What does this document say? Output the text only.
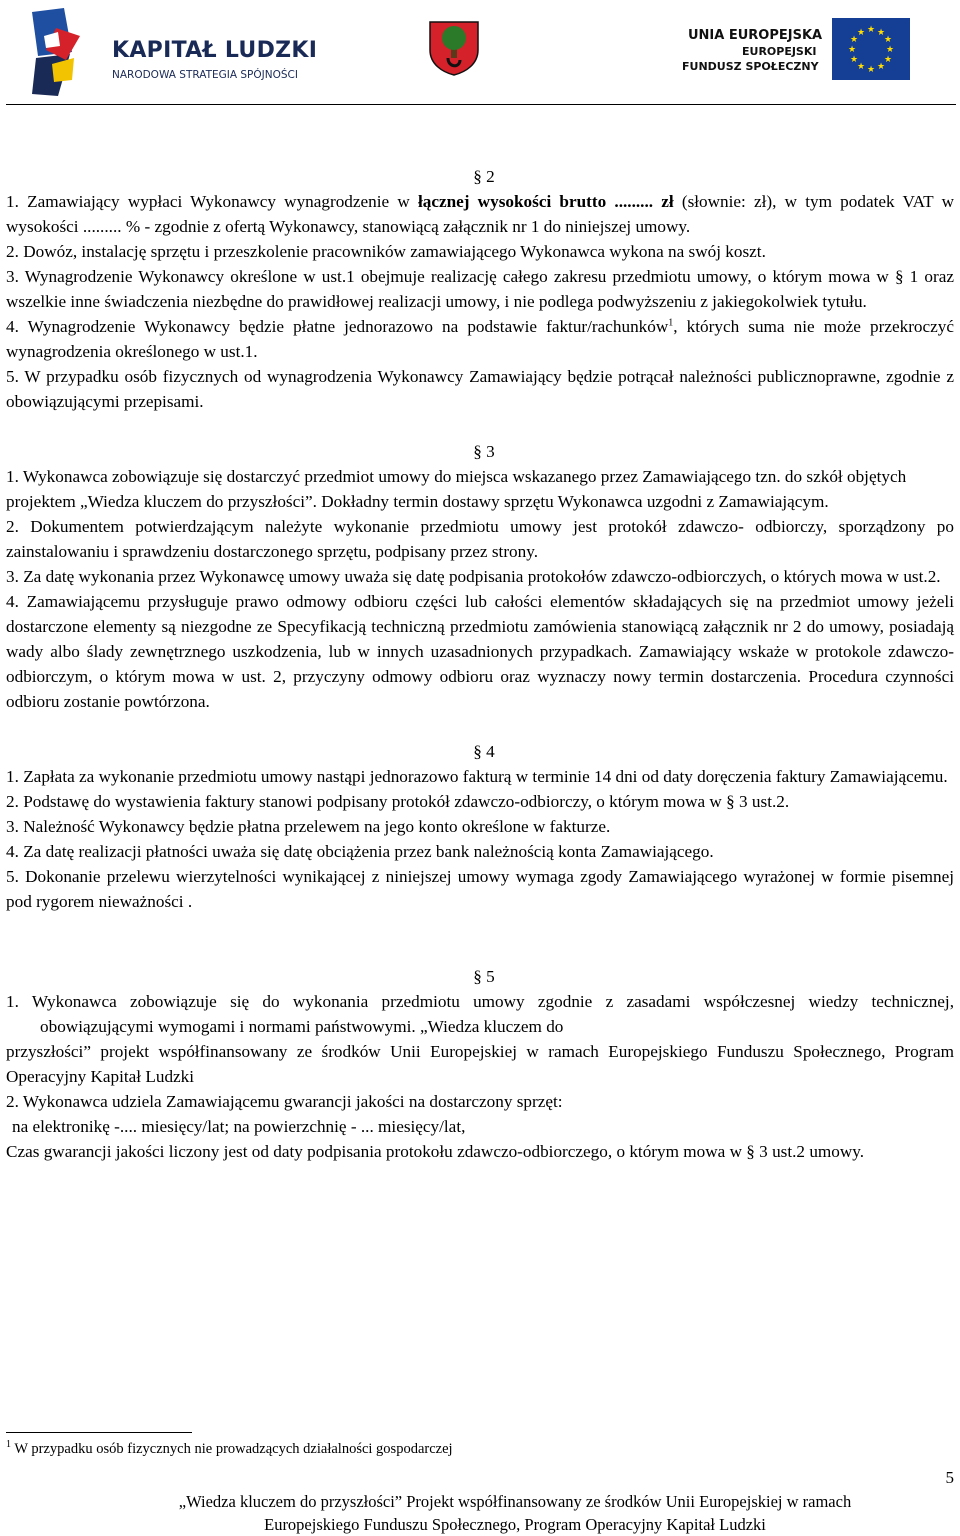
KAPITAŁ LUDZKI
NARODOWA STRATEGIA SPÓJNOŚCI
UNIA EUROPEJSKA
EUROPEJSKI
FUNDUSZ SPOŁECZNY
★ ★
★
★
★
★
★
★
★
★
★
★
§ 2

1. Zamawiający wypłaci Wykonawcy wynagrodzenie w łącznej wysokości brutto ......... zł (słownie: zł), w tym podatek VAT w wysokości ......... % - zgodnie z ofertą Wykonawcy, stanowiącą załącznik nr 1 do niniejszej umowy.

2. Dowóz, instalację sprzętu i przeszkolenie pracowników zamawiającego Wykonawca wykona na swój koszt.

3. Wynagrodzenie Wykonawcy określone w ust.1 obejmuje realizację całego zakresu przedmiotu umowy, o którym mowa w § 1 oraz wszelkie inne świadczenia niezbędne do prawidłowej realizacji umowy, i nie podlega podwyższeniu z jakiegokolwiek tytułu.

4. Wynagrodzenie Wykonawcy będzie płatne jednorazowo na podstawie faktur/rachunków$^1$, których suma nie może przekroczyć wynagrodzenia określonego w ust.1.

5. W przypadku osób fizycznych od wynagrodzenia Wykonawcy Zamawiający będzie potrącał należności publicznoprawne, zgodnie z obowiązującymi przepisami.

§ 3

1. Wykonawca zobowiązuje się dostarczyć przedmiot umowy do miejsca wskazanego przez Zamawiającego tzn. do szkół objętych projektem „Wiedza kluczem do przyszłości”. Dokładny termin dostawy sprzętu Wykonawca uzgodni z Zamawiającym.

2. Dokumentem potwierdzającym należyte wykonanie przedmiotu umowy jest protokół zdawczo- odbiorczy, sporządzony po zainstalowaniu i sprawdzeniu dostarczonego sprzętu, podpisany przez strony.

3. Za datę wykonania przez Wykonawcę umowy uważa się datę podpisania protokołów zdawczo-odbiorczych, o których mowa w ust.2.

4. Zamawiającemu przysługuje prawo odmowy odbioru części lub całości elementów składających się na przedmiot umowy jeżeli dostarczone elementy są niezgodne ze Specyfikacją techniczną przedmiotu zamówienia stanowiącą załącznik nr 2 do umowy, posiadają wady albo ślady zewnętrznego uszkodzenia, lub w innych uzasadnionych przypadkach. Zamawiający wskaże w protokole zdawczo-odbiorczym, o którym mowa w ust. 2, przyczyny odmowy odbioru oraz wyznaczy nowy termin dostarczenia. Procedura czynności odbioru zostanie powtórzona.

§ 4

1. Zapłata za wykonanie przedmiotu umowy nastąpi jednorazowo fakturą w terminie 14 dni od daty doręczenia faktury Zamawiającemu.

2. Podstawę do wystawienia faktury stanowi podpisany protokół zdawczo-odbiorczy, o którym mowa w § 3 ust.2.

3. Należność Wykonawcy będzie płatna przelewem na jego konto określone w fakturze.

4. Za datę realizacji płatności uważa się datę obciążenia przez bank należnością konta Zamawiającego.

5. Dokonanie przelewu wierzytelności wynikającej z niniejszej umowy wymaga zgody Zamawiającego wyrażonej w formie pisemnej pod rygorem nieważności .

§ 5

1. Wykonawca zobowiązuje się do wykonania przedmiotu umowy zgodnie z zasadami współczesnej wiedzy technicznej, obowiązującymi wymogami i normami państwowymi. „Wiedza kluczem do

przyszłości” projekt współfinansowany ze środków Unii Europejskiej w ramach Europejskiego Funduszu Społecznego, Program Operacyjny Kapitał Ludzki

2. Wykonawca udziela Zamawiającemu gwarancji jakości na dostarczony sprzęt:

na elektronikę -.... miesięcy/lat; na powierzchnię - ... miesięcy/lat,

Czas gwarancji jakości liczony jest od daty podpisania protokołu zdawczo-odbiorczego, o którym mowa w § 3 ust.2 umowy.

$^1$ W przypadku osób fizycznych nie prowadzących działalności gospodarczej
5
„Wiedza kluczem do przyszłości” Projekt współfinansowany ze środków Unii Europejskiej w ramach
Europejskiego Funduszu Społecznego, Program Operacyjny Kapitał Ludzki
